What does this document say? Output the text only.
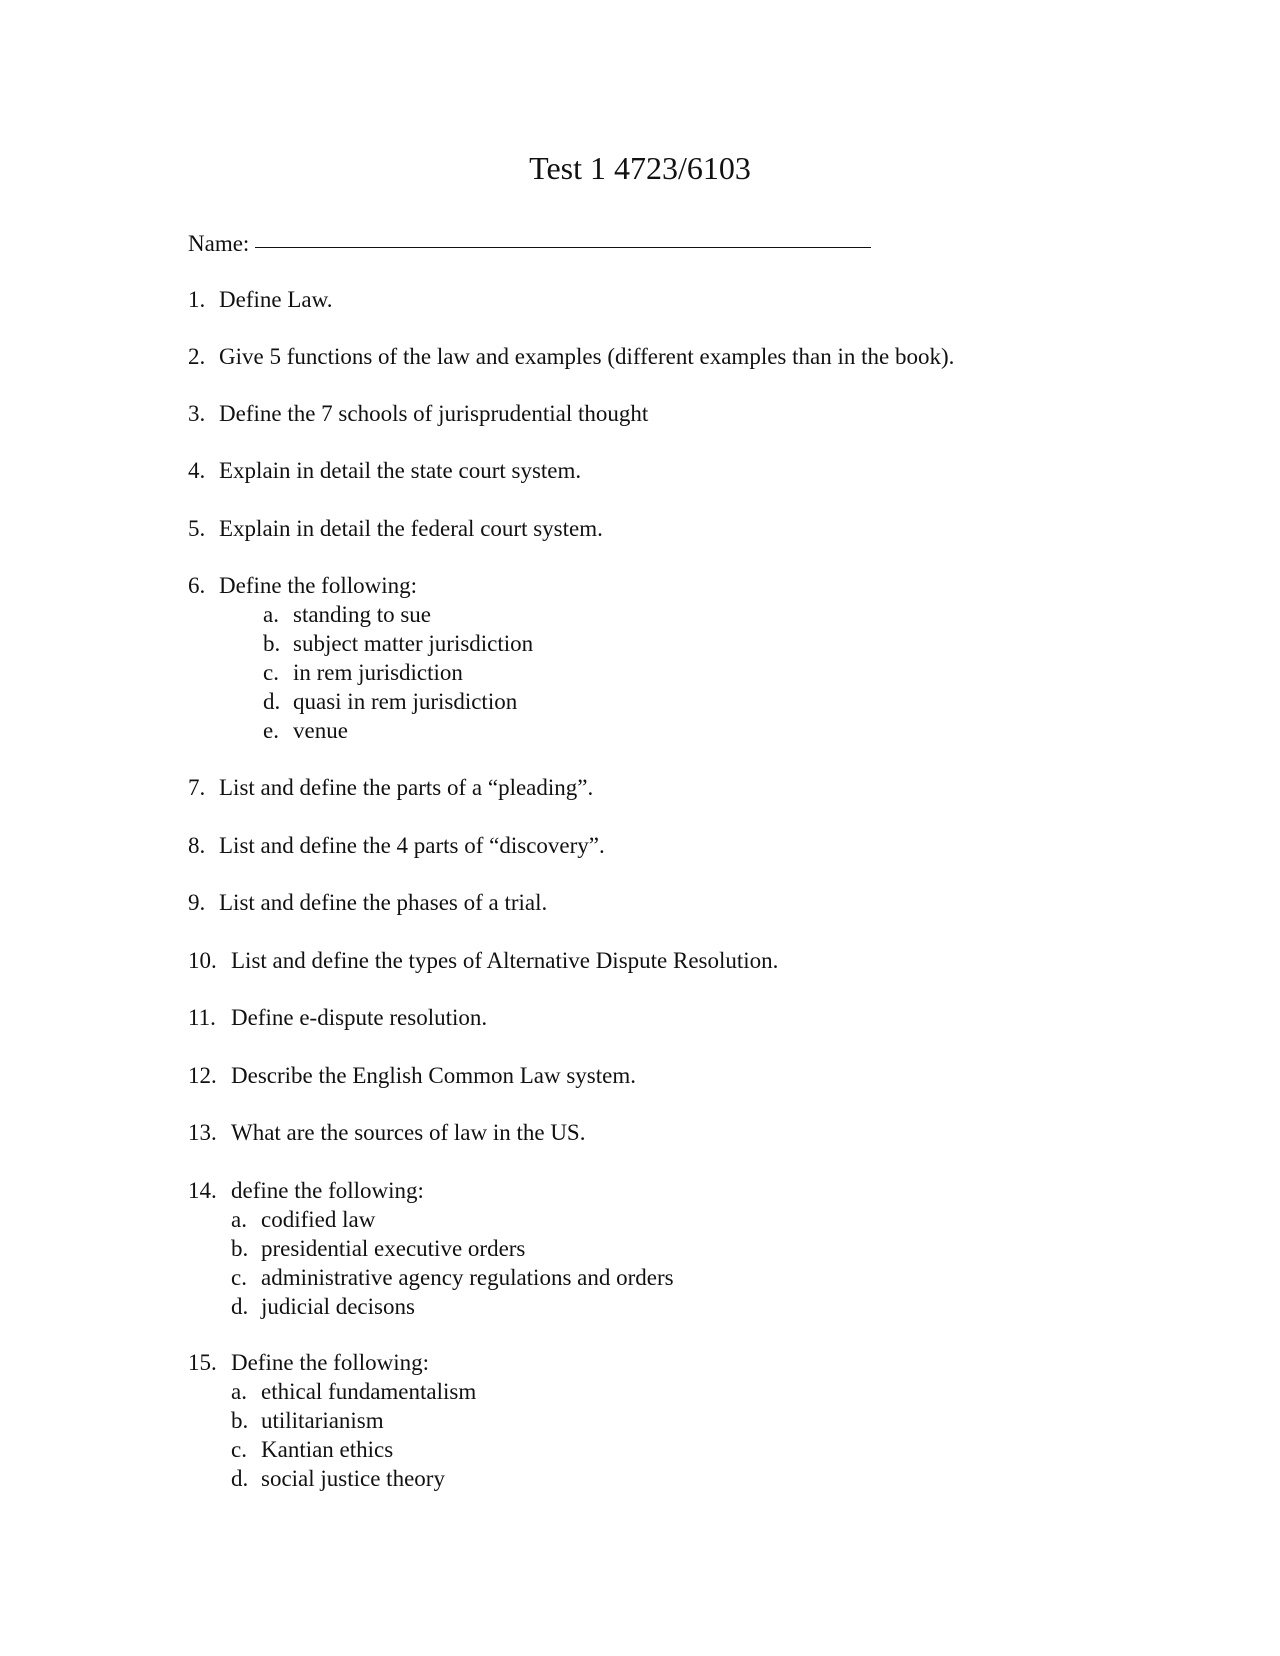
Test 1 4723/6103
Name:
1. Define Law.
2. Give 5 functions of the law and examples (different examples than in the book).
3. Define the 7 schools of jurisprudential thought
4. Explain in detail the state court system.
5. Explain in detail the federal court system.
6. Define the following:
a. standing to sue
b. subject matter jurisdiction
c. in rem jurisdiction
d. quasi in rem jurisdiction
e. venue
7. List and define the parts of a “pleading”.
8. List and define the 4 parts of “discovery”.
9. List and define the phases of a trial.
10. List and define the types of Alternative Dispute Resolution.
11. Define e-dispute resolution.
12. Describe the English Common Law system.
13. What are the sources of law in the US.
14. define the following:
a. codified law
b. presidential executive orders
c. administrative agency regulations and orders
d. judicial decisons
15. Define the following:
a. ethical fundamentalism
b. utilitarianism
c. Kantian ethics
d. social justice theory
